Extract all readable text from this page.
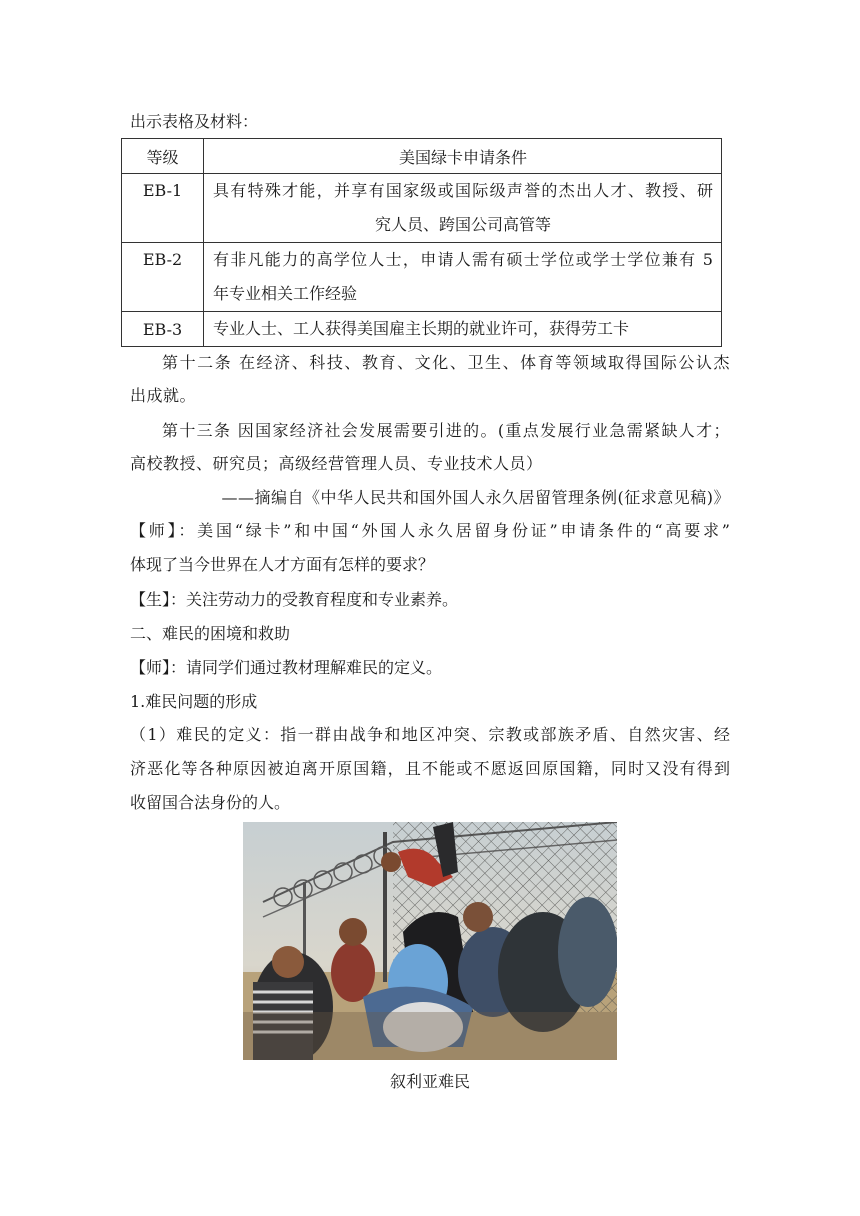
出示表格及材料：
等级	美国绿卡申请条件

EB-1	具有特殊才能，并享有国家级或国际级声誉的杰出人才、教授、研
究人员、跨国公司高管等

EB-2	有非凡能力的高学位人士，申请人需有硕士学位或学士学位兼有 5
年专业相关工作经验

EB-3	专业人士、工人获得美国雇主长期的就业许可，获得劳工卡
第十二条 在经济、科技、教育、文化、卫生、体育等领域取得国际公认杰
出成就。
第十三条 因国家经济社会发展需要引进的。(重点发展行业急需紧缺人才；
高校教授、研究员；高级经营管理人员、专业技术人员）
——摘编自《中华人民共和国外国人永久居留管理条例(征求意见稿)》
【师】：美国“绿卡”和中国“外国人永久居留身份证”申请条件的“高要求”
体现了当今世界在人才方面有怎样的要求？
【生】：关注劳动力的受教育程度和专业素养。
二、难民的困境和救助
【师】：请同学们通过教材理解难民的定义。
1.难民问题的形成
（1）难民的定义：指一群由战争和地区冲突、宗教或部族矛盾、自然灾害、经
济恶化等各种原因被迫离开原国籍，且不能或不愿返回原国籍，同时又没有得到
收留国合法身份的人。
叙利亚难民
